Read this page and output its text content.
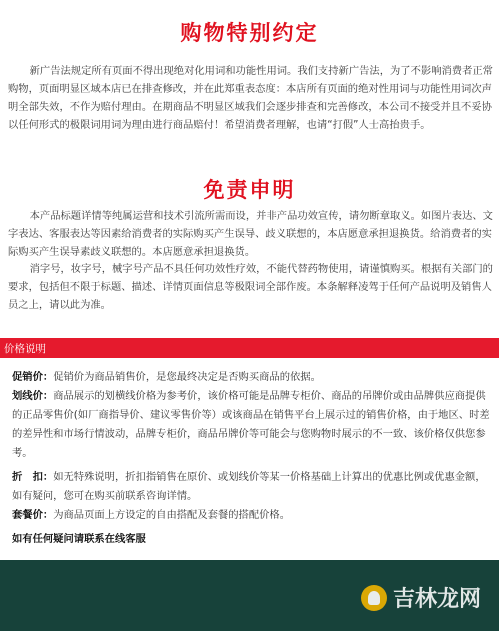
购物特别约定

新广告法规定所有页面不得出现绝对化用词和功能性用词。我们支持新广告法，为了不影响消费者正常购物，页面明显区域本店已在排查修改，并在此郑重表态度：本店所有页面的绝对性用词与功能性用词次声明全部失效，不作为赔付理由。在期商品不明显区域我们会逐步排查和完善修改，本公司不接受并且不妥协以任何形式的极限词用词为理由进行商品赔付！希望消费者理解，也请“打假”人士高抬贵手。

免责申明

本产品标题详情等纯属运营和技术引流所需而设，并非产品功效宣传，请勿断章取义。如图片表达、文字表达、客服表达等因素给消费者的实际购买产生误导、歧义联想的，本店愿意承担退换货。给消费者的实际购买产生误导素歧义联想的。本店愿意承担退换货。

消字号，妆字号，械字号产品不具任何功效性疗效，不能代替药物使用，请谨慎购买。根据有关部门的要求，包括但不限于标题、描述、详情页面信息等极限词全部作废。本条解释凌驾于任何产品说明及销售人员之上，请以此为准。

价格说明
促销价：促销价为商品销售价，是您最终决定是否购买商品的依据。
划线价：商品展示的划横线价格为参考价，该价格可能是品牌专柜价、商品的吊牌价或由品牌供应商提供的正品零售价(如厂商指导价、建议零售价等）或该商品在销售平台上展示过的销售价格，由于地区、时差的差异性和市场行情波动，品牌专柜价，商品吊牌价等可能会与您购物时展示的不一致、该价格仅供您参考。
折　扣：如无特殊说明，折扣指销售在原价、或划线价等某一价格基础上计算出的优惠比例或优惠金额，如有疑问，您可在购买前联系咨询详情。
套餐价：为商品页面上方设定的自由搭配及套餐的搭配价格。
如有任何疑问请联系在线客服
吉林龙网
